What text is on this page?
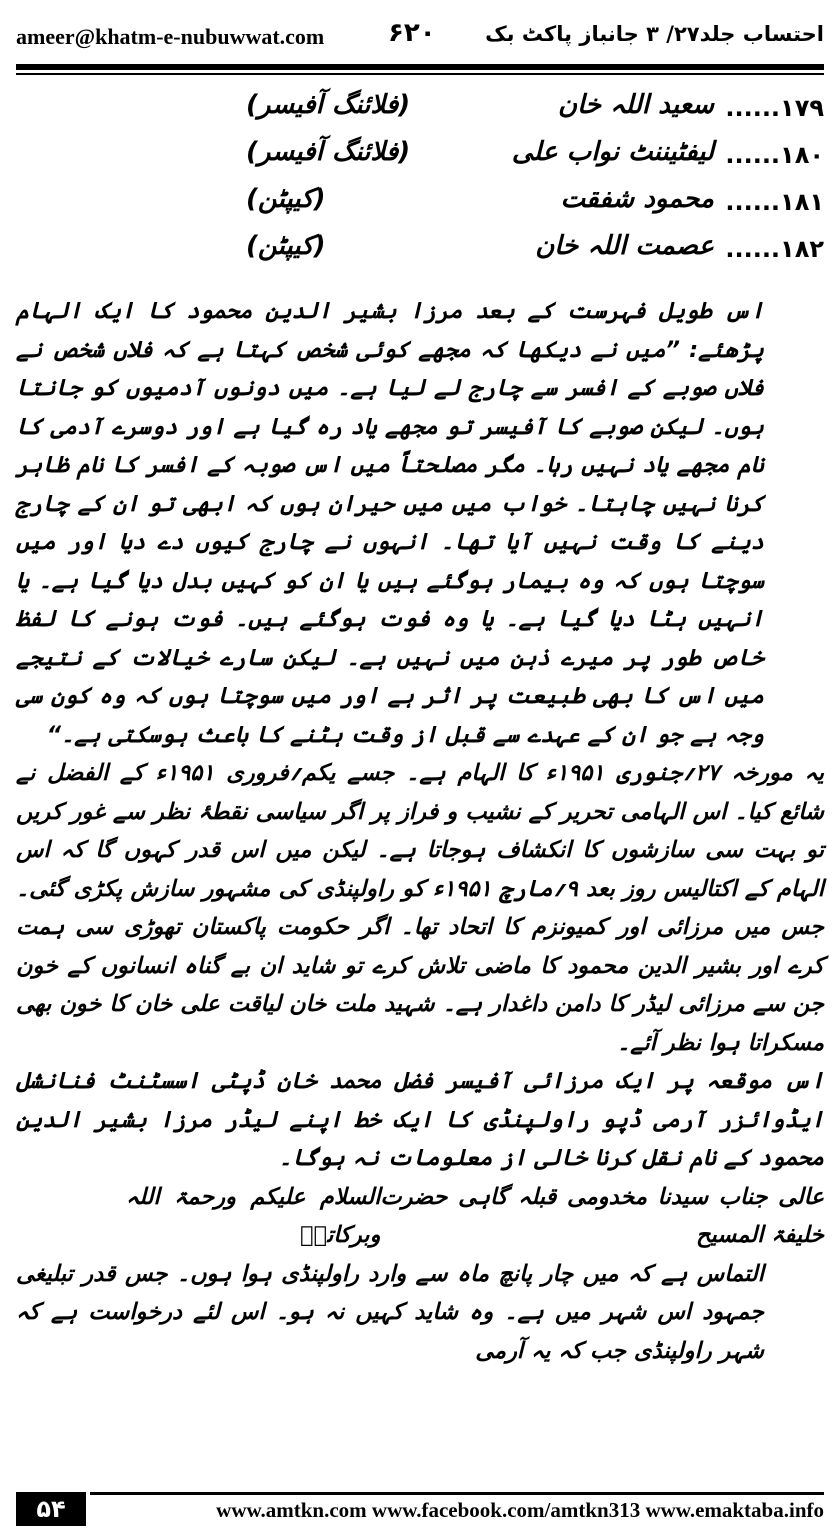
ameer@khatm-e-nubuwwat.com ۶۲۰ احتساب جلد۲۷/ ۳ جانباز پاکٹ بک
۱۷۹......
سعید اللہ خان
(فلائنگ آفیسر)
۱۸۰......
لیفٹیننٹ نواب علی
(فلائنگ آفیسر)
۱۸۱......
محمود شفقت
(کیپٹن)
۱۸۲......
عصمت اللہ خان
(کیپٹن)

اس طویل فہرست کے بعد مرزا بشیر الدین محمود کا ایک الہام پڑھئے: ”میں نے دیکھا کہ مجھے کوئی شخص کہتا ہے کہ فلاں شخص نے فلاں صوبے کے افسر سے چارج لے لیا ہے۔ میں دونوں آدمیوں کو جانتا ہوں۔ لیکن صوبے کا آفیسر تو مجھے یاد رہ گیا ہے اور دوسرے آدمی کا نام مجھے یاد نہیں رہا۔ مگر مصلحتاً میں اس صوبہ کے افسر کا نام ظاہر کرنا نہیں چاہتا۔ خواب میں میں حیران ہوں کہ ابھی تو ان کے چارج دینے کا وقت نہیں آیا تھا۔ انہوں نے چارج کیوں دے دیا اور میں سوچتا ہوں کہ وہ بیمار ہوگئے ہیں یا ان کو کہیں بدل دیا گیا ہے۔ یا انہیں ہٹا دیا گیا ہے۔ یا وہ فوت ہوگئے ہیں۔ فوت ہونے کا لفظ خاص طور پر میرے ذہن میں نہیں ہے۔ لیکن سارے خیالات کے نتیجے میں اس کا بھی طبیعت پر اثر ہے اور میں سوچتا ہوں کہ وہ کون سی وجہ ہے جو ان کے عہدے سے قبل از وقت ہٹنے کا باعث ہوسکتی ہے۔“

یہ مورخہ ۲۷؍جنوری ۱۹۵۱ء کا الہام ہے۔ جسے یکم؍فروری ۱۹۵۱ء کے الفضل نے شائع کیا۔ اس الہامی تحریر کے نشیب و فراز پر اگر سیاسی نقطۂ نظر سے غور کریں تو بہت سی سازشوں کا انکشاف ہوجاتا ہے۔ لیکن میں اس قدر کہوں گا کہ اس الہام کے اکتالیس روز بعد ۹؍مارچ ۱۹۵۱ء کو راولپنڈی کی مشہور سازش پکڑی گئی۔ جس میں مرزائی اور کمیونزم کا اتحاد تھا۔ اگر حکومت پاکستان تھوڑی سی ہمت کرے اور بشیر الدین محمود کا ماضی تلاش کرے تو شاید ان بے گناہ انسانوں کے خون جن سے مرزائی لیڈر کا دامن داغدار ہے۔ شہید ملت خان لیاقت علی خان کا خون بھی مسکراتا ہوا نظر آئے۔

اس موقعہ پر ایک مرزائی آفیسر فضل محمد خان ڈپٹی اسسٹنٹ فنانشل ایڈوائزر آرمی ڈپو راولپنڈی کا ایک خط اپنے لیڈر مرزا بشیر الدین محمود کے نام نقل کرنا خالی از معلومات نہ ہوگا۔

عالی جناب سیدنا مخدومی قبلہ گاہی حضرت خلیفۃ المسیح
السلام علیکم ورحمۃ اللہ وبرکاتہٗ

التماس ہے کہ میں چار پانچ ماہ سے وارد راولپنڈی ہوا ہوں۔ جس قدر تبلیغی جمہود اس شہر میں ہے۔ وہ شاید کہیں نہ ہو۔ اس لئے درخواست ہے کہ شہر راولپنڈی جب کہ یہ آرمی

۵۴	www.amtkn.com www.facebook.com/amtkn313 www.emaktaba.info
